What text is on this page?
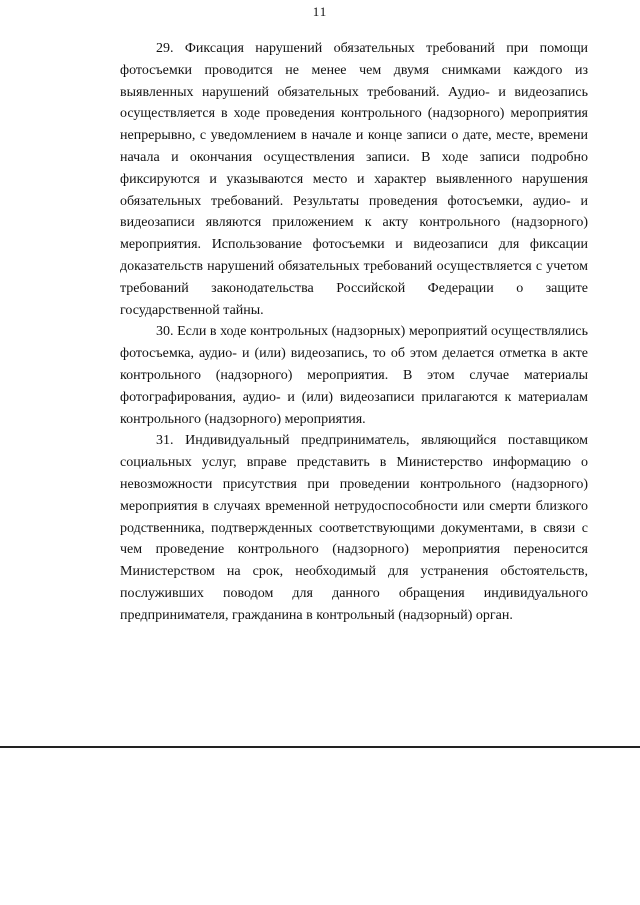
11

29. Фиксация нарушений обязательных требований при помощи фотосъемки проводится не менее чем двумя снимками каждого из выявленных нарушений обязательных требований. Аудио- и видеозапись осуществляется в ходе проведения контрольного (надзорного) мероприятия непрерывно, с уведомлением в начале и конце записи о дате, месте, времени начала и окончания осуществления записи. В ходе записи подробно фиксируются и указываются место и характер выявленного нарушения обязательных требований. Результаты проведения фотосъемки, аудио- и видеозаписи являются приложением к акту контрольного (надзорного) мероприятия. Использование фотосъемки и видеозаписи для фиксации доказательств нарушений обязательных требований осуществляется с учетом требований законодательства Российской Федерации о защите государственной тайны.

30. Если в ходе контрольных (надзорных) мероприятий осуществлялись фотосъемка, аудио- и (или) видеозапись, то об этом делается отметка в акте контрольного (надзорного) мероприятия. В этом случае материалы фотографирования, аудио- и (или) видеозаписи прилагаются к материалам контрольного (надзорного) мероприятия.

31. Индивидуальный предприниматель, являющийся поставщиком социальных услуг, вправе представить в Министерство информацию о невозможности присутствия при проведении контрольного (надзорного) мероприятия в случаях временной нетрудоспособности или смерти близкого родственника, подтвержденных соответствующими документами, в связи с чем проведение контрольного (надзорного) мероприятия переносится Министерством на срок, необходимый для устранения обстоятельств, послуживших поводом для данного обращения индивидуального предпринимателя, гражданина в контрольный (надзорный) орган.
